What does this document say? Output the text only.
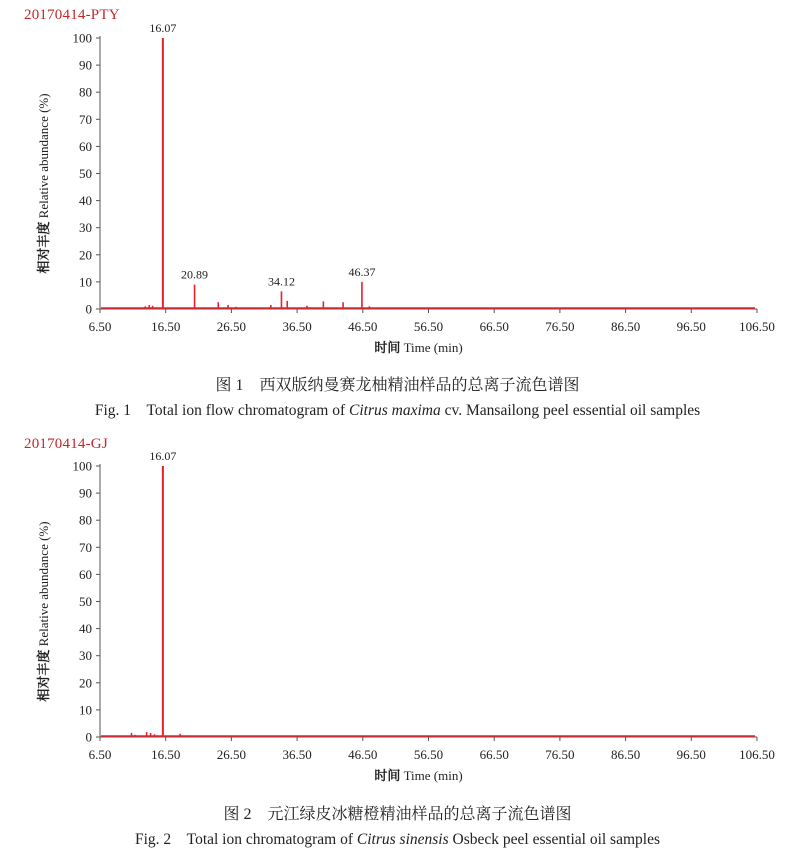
20170414-PTY
0
10
20
30
40
50
60
70
80
90
100
6.50	16.50	26.50	36.50	46.50	56.50	66.50	76.50	86.50	96.50	106.50
时间 Time (min)
相对丰度 Relative abundance (%)
16.07
20.89	34.12
46.37
图 1　西双版纳曼赛龙柚精油样品的总离子流色谱图
Fig. 1　Total ion flow chromatogram of Citrus maxima cv. Mansailong peel essential oil samples
20170414-GJ
0
10
20
30
40
50
60
70
80
90
100
6.50	16.50	26.50	36.50	46.50	56.50	66.50	76.50	86.50	96.50	106.50
时间 Time (min)
相对丰度 Relative abundance (%)
16.07
图 2　元江绿皮冰糖橙精油样品的总离子流色谱图
Fig. 2　Total ion chromatogram of Citrus sinensis Osbeck peel essential oil samples
